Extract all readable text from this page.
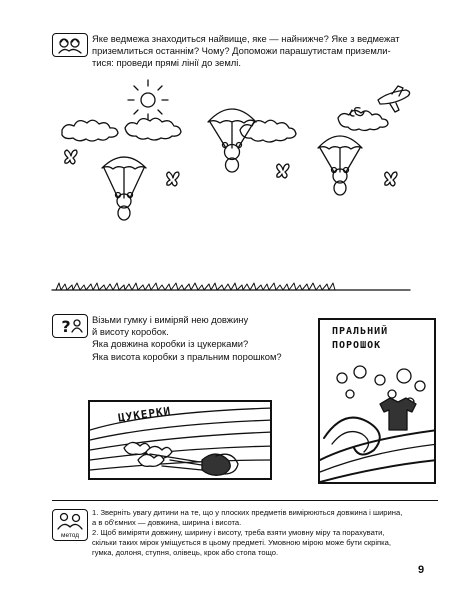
Яке ведмежа знаходиться найвище, яке — найнижче? Яке з ведмежат
приземлиться останнім? Чому? Допоможи парашутистам приземли-
тися: проведи прямі лінії до землі.
? Візьми гумку і виміряй нею довжину
й висоту коробок.
Яка довжина коробки із цукерками?
Яка висота коробки з пральним порошком?
ЦУКЕРКИ
ПРАЛЬНИЙ
ПОРОШОК
метод
1. Зверніть увагу дитини на те, що у плоских предметів вимірюються довжина і ширина,
а в об'ємних — довжина, ширина і висота.
2. Щоб виміряти довжину, ширину і висоту, треба взяти умовну міру та порахувати,
скільки таких мірок уміщується в цьому предметі. Умовною мірою може бути скріпка,
гумка, долоня, ступня, олівець, крок або стопа тощо.
9
